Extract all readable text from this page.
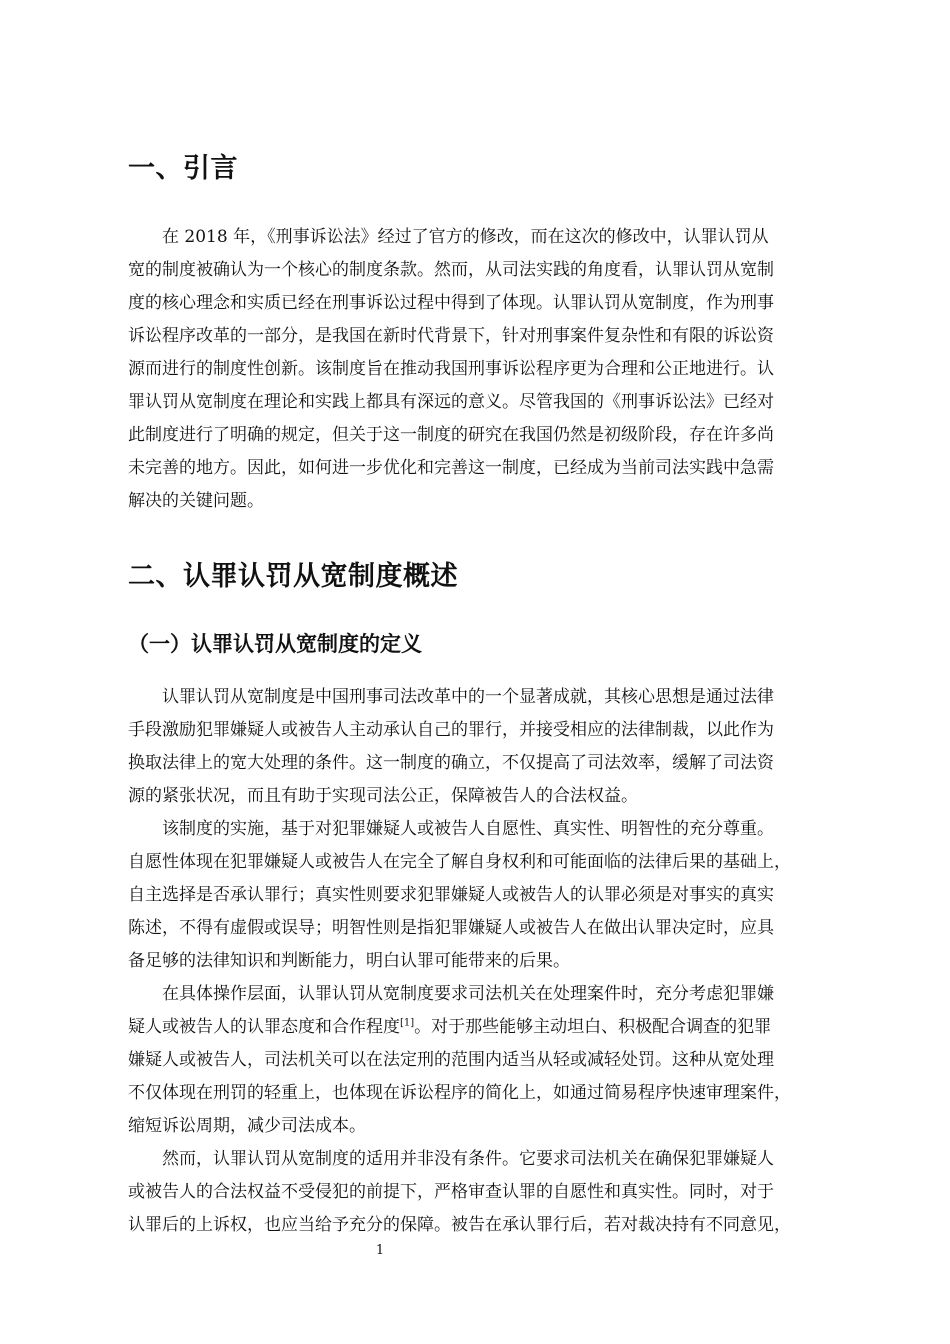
一、引言
在 2018 年，《刑事诉讼法》经过了官方的修改，而在这次的修改中，认罪认罚从
宽的制度被确认为一个核心的制度条款。然而，从司法实践的角度看，认罪认罚从宽制
度的核心理念和实质已经在刑事诉讼过程中得到了体现。认罪认罚从宽制度，作为刑事
诉讼程序改革的一部分，是我国在新时代背景下，针对刑事案件复杂性和有限的诉讼资
源而进行的制度性创新。该制度旨在推动我国刑事诉讼程序更为合理和公正地进行。认
罪认罚从宽制度在理论和实践上都具有深远的意义。尽管我国的《刑事诉讼法》已经对
此制度进行了明确的规定，但关于这一制度的研究在我国仍然是初级阶段，存在许多尚
未完善的地方。因此，如何进一步优化和完善这一制度，已经成为当前司法实践中急需
解决的关键问题。
二、认罪认罚从宽制度概述
（一）认罪认罚从宽制度的定义
认罪认罚从宽制度是中国刑事司法改革中的一个显著成就，其核心思想是通过法律
手段激励犯罪嫌疑人或被告人主动承认自己的罪行，并接受相应的法律制裁，以此作为
换取法律上的宽大处理的条件。这一制度的确立，不仅提高了司法效率，缓解了司法资
源的紧张状况，而且有助于实现司法公正，保障被告人的合法权益。
该制度的实施，基于对犯罪嫌疑人或被告人自愿性、真实性、明智性的充分尊重。
自愿性体现在犯罪嫌疑人或被告人在完全了解自身权利和可能面临的法律后果的基础上，
自主选择是否承认罪行；真实性则要求犯罪嫌疑人或被告人的认罪必须是对事实的真实
陈述，不得有虚假或误导；明智性则是指犯罪嫌疑人或被告人在做出认罪决定时，应具
备足够的法律知识和判断能力，明白认罪可能带来的后果。
在具体操作层面，认罪认罚从宽制度要求司法机关在处理案件时，充分考虑犯罪嫌
疑人或被告人的认罪态度和合作程度[1]。对于那些能够主动坦白、积极配合调查的犯罪
嫌疑人或被告人，司法机关可以在法定刑的范围内适当从轻或减轻处罚。这种从宽处理
不仅体现在刑罚的轻重上，也体现在诉讼程序的简化上，如通过简易程序快速审理案件，
缩短诉讼周期，减少司法成本。
然而，认罪认罚从宽制度的适用并非没有条件。它要求司法机关在确保犯罪嫌疑人
或被告人的合法权益不受侵犯的前提下，严格审查认罪的自愿性和真实性。同时，对于
认罪后的上诉权，也应当给予充分的保障。被告在承认罪行后，若对裁决持有不同意见，
1
